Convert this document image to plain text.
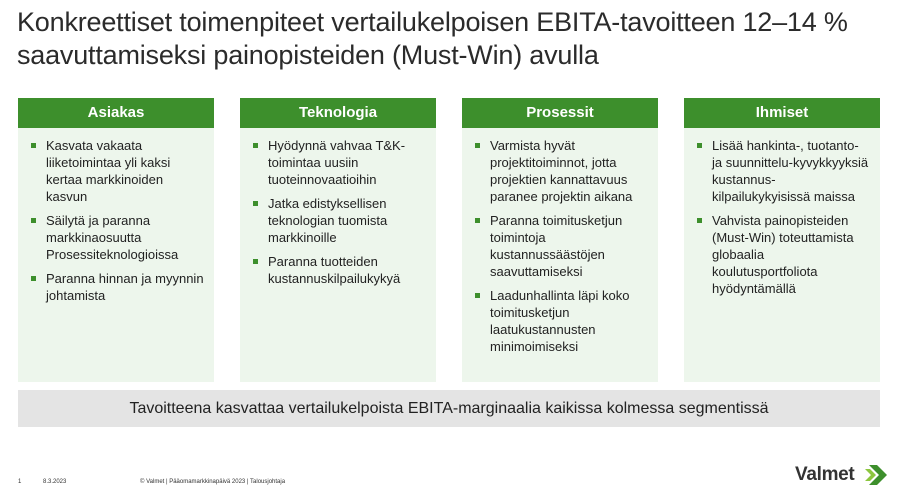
Konkreettiset toimenpiteet vertailukelpoisen EBITA-tavoitteen 12–14 % saavuttamiseksi painopisteiden (Must-Win) avulla
Asiakas
Kasvata vakaata liiketoimintaa yli kaksi kertaa markkinoiden kasvun
Säilytä ja paranna markkinaosuutta Prosessiteknologioissa
Paranna hinnan ja myynnin johtamista
Teknologia
Hyödynnä vahvaa T&K-toimintaa uusiin tuoteinnovaatioihin
Jatka edistyksellisen teknologian tuomista markkinoille
Paranna tuotteiden kustannuskilpailukykyä
Prosessit
Varmista hyvät projektitoiminnot, jotta projektien kannattavuus paranee projektin aikana
Paranna toimitusketjun toimintoja kustannussäästöjen saavuttamiseksi
Laadunhallinta läpi koko toimitusketjun laatukustannusten minimoimiseksi
Ihmiset
Lisää hankinta-, tuotanto- ja suunnittelu-kyvykkyyksiä kustannus-kilpailukykyisissä maissa
Vahvista painopisteiden (Must-Win) toteuttamista globaalia koulutusportfoliota hyödyntämällä
Tavoitteena kasvattaa vertailukelpoista EBITA-marginaalia kaikissa kolmessa segmentissä
1	8.3.2023	© Valmet | Pääomamarkkinapäivä 2023 | Talousjohtaja	Valmet
